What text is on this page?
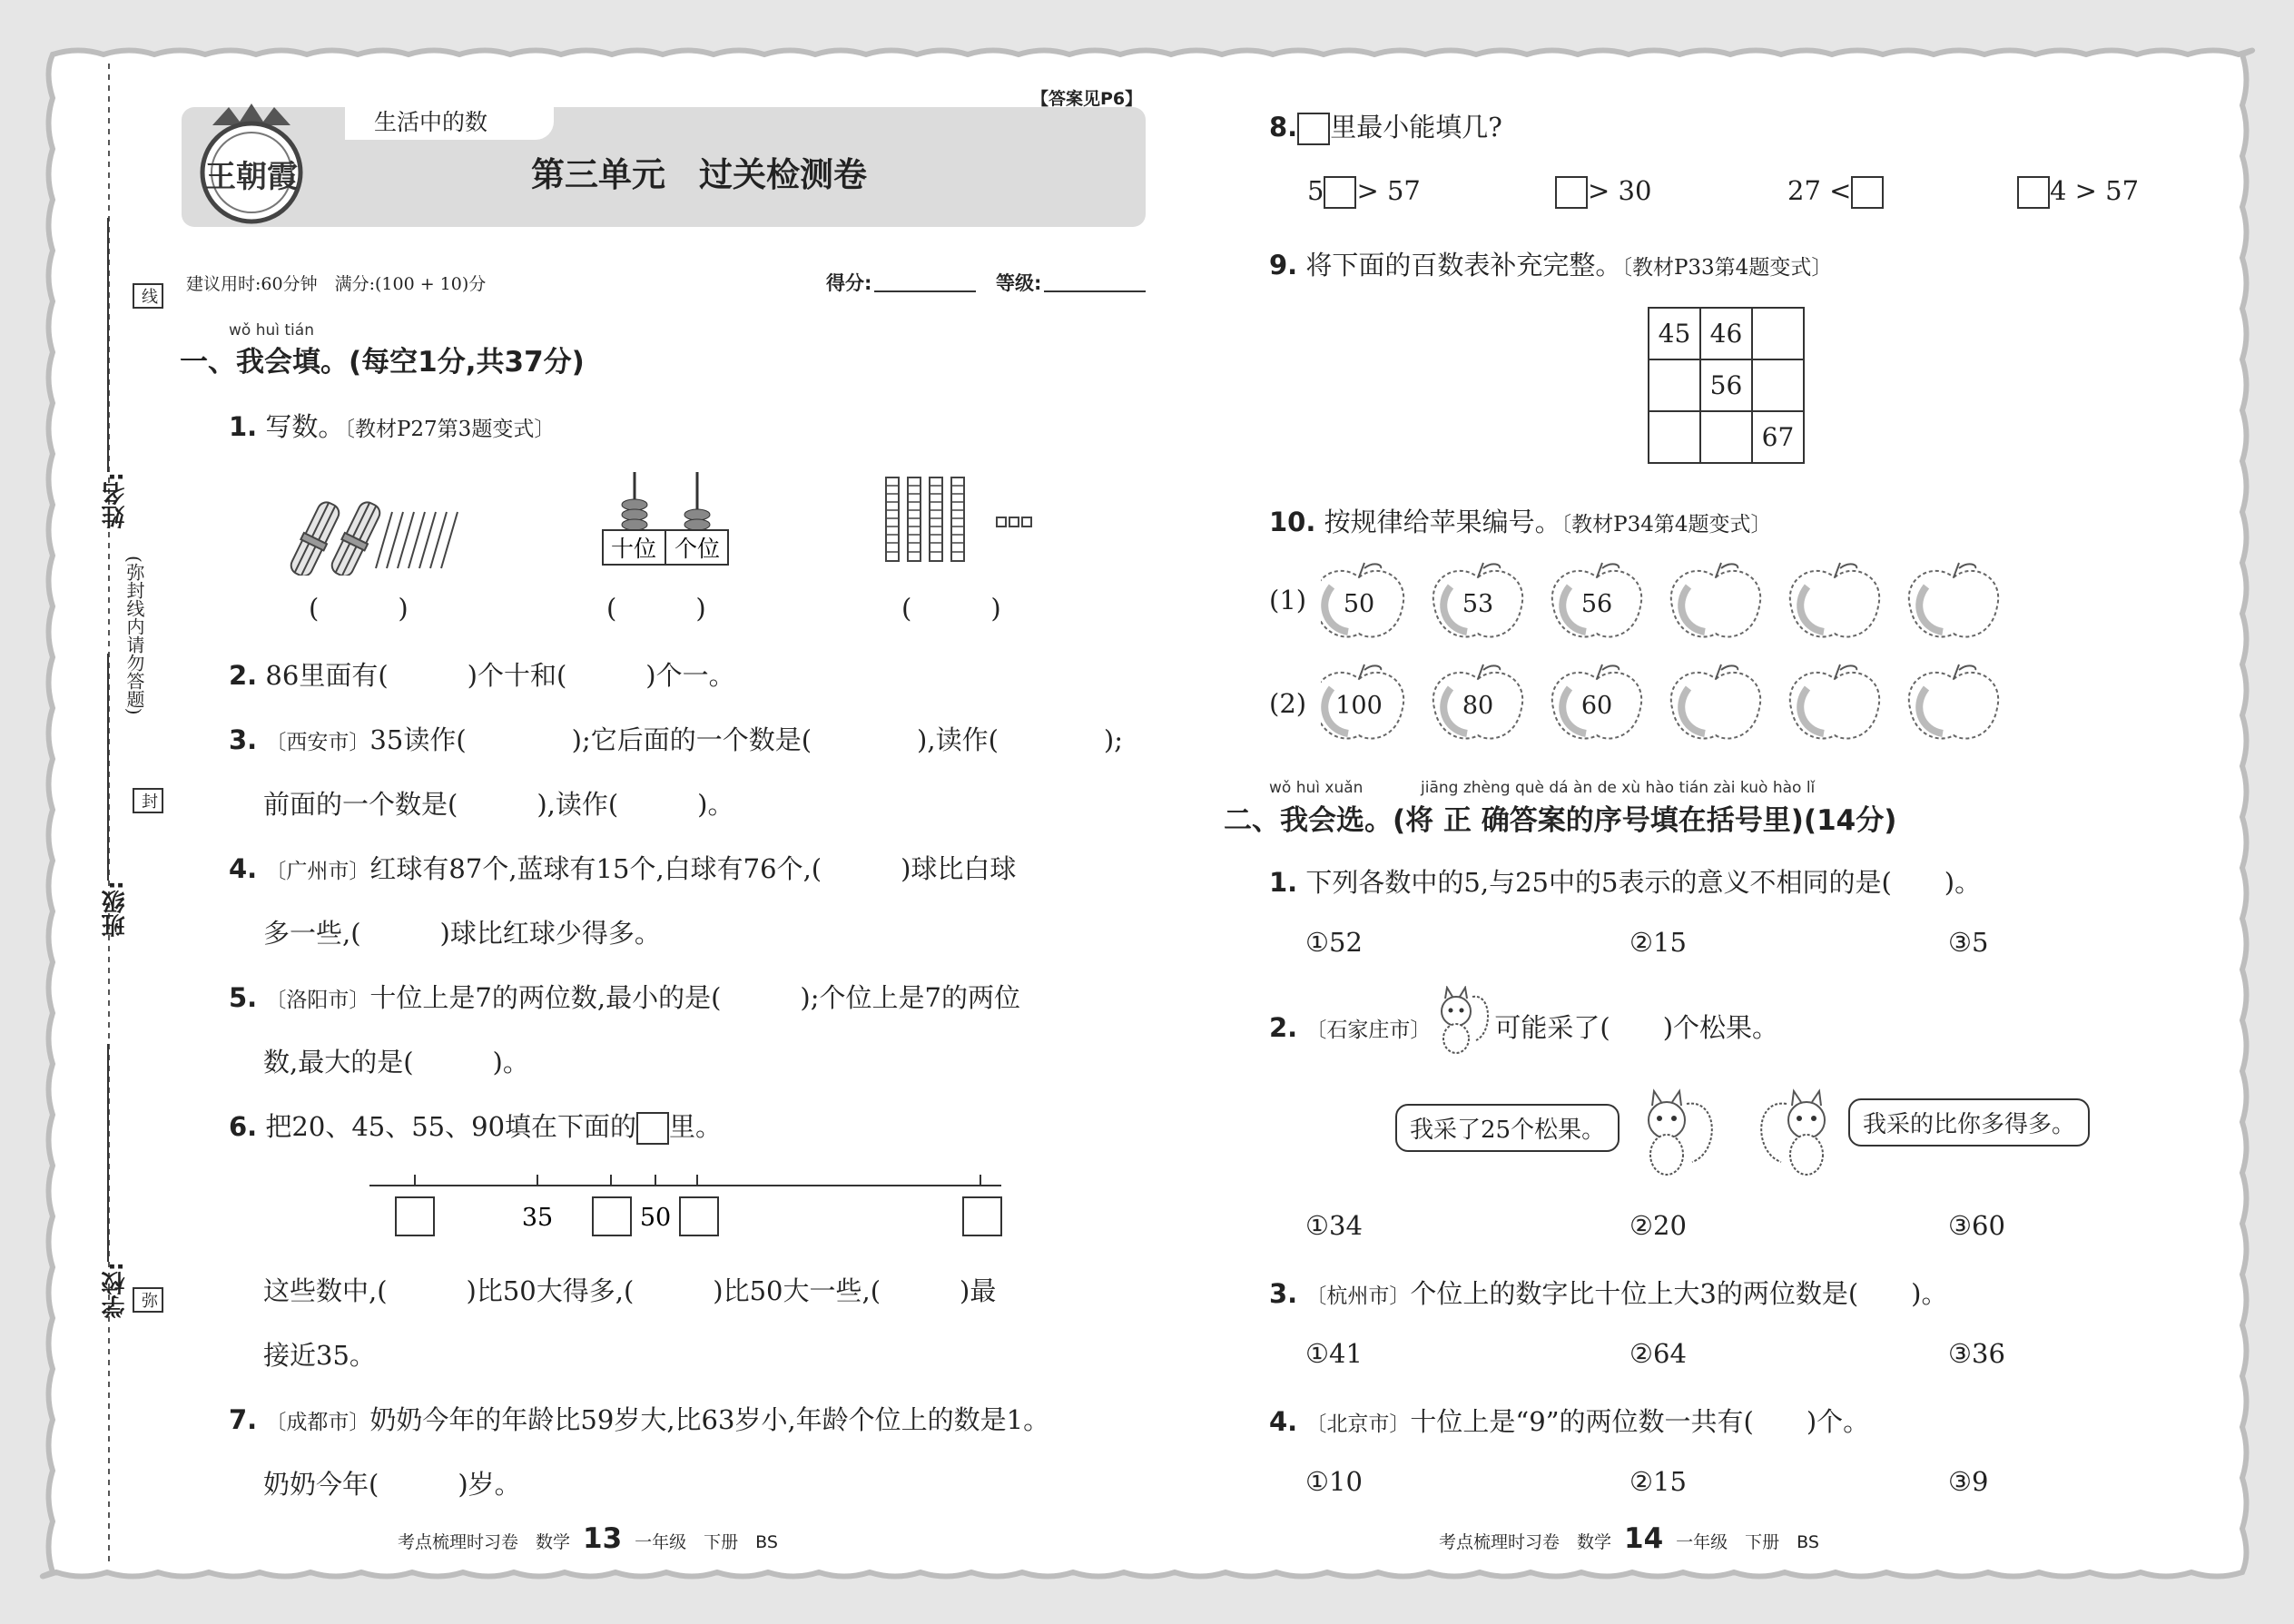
学校:
班级:
姓名:
(弥封线内请勿答题)
弥
封
线
王朝霞
生活中的数
【答案见P6】
第三单元　过关检测卷
建议用时:60分钟　满分:(100 + 10)分	得分:	等级:
wǒ huì tián
一、我会填。(每空1分,共37分)
1. 写数。〔教材P27第3题变式〕
十位 个位
(　　　)	(　　　)	(　　　)
2. 86里面有(　　　)个十和(　　　)个一。
3. 〔西安市〕35读作(　　　　);它后面的一个数是(　　　　),读作(　　　　);
前面的一个数是(　　　),读作(　　　)。
4. 〔广州市〕红球有87个,蓝球有15个,白球有76个,(　　　)球比白球
多一些,(　　　)球比红球少得多。
5. 〔洛阳市〕十位上是7的两位数,最小的是(　　　);个位上是7的两位
数,最大的是(　　　)。
6. 把20、45、55、90填在下面的 里。
35	50
这些数中,(　　　)比50大得多,(　　　)比50大一些,(　　　)最
接近35。
7. 〔成都市〕奶奶今年的年龄比59岁大,比63岁小,年龄个位上的数是1。
奶奶今年(　　　)岁。
考点梳理时习卷　数学 13 一年级　下册　BS
8. 里最小能填几?
5 > 57	> 30	27 <	4 > 57
9. 将下面的百数表补充完整。〔教材P33第4题变式〕
45	46	
	56	
		67
10. 按规律给苹果编号。〔教材P34第4题变式〕
(1)
(2)
50	53	56
100	80	60
wǒ huì xuǎn	jiāng zhèng què dá àn de xù hào tián zài kuò hào lǐ
二、我会选。(将 正 确答案的序号填在括号里)(14分)
1. 下列各数中的5,与25中的5表示的意义不相同的是(　　)。
①52	②15	③5
2. 〔石家庄市〕 可能采了(　　)个松果。
我采了25个松果。	我采的比你多得多。
①34	②20	③60
3. 〔杭州市〕个位上的数字比十位上大3的两位数是(　　)。
①41	②64	③36
4. 〔北京市〕十位上是“9”的两位数一共有(　　)个。
①10	②15	③9
考点梳理时习卷　数学 14 一年级　下册　BS
